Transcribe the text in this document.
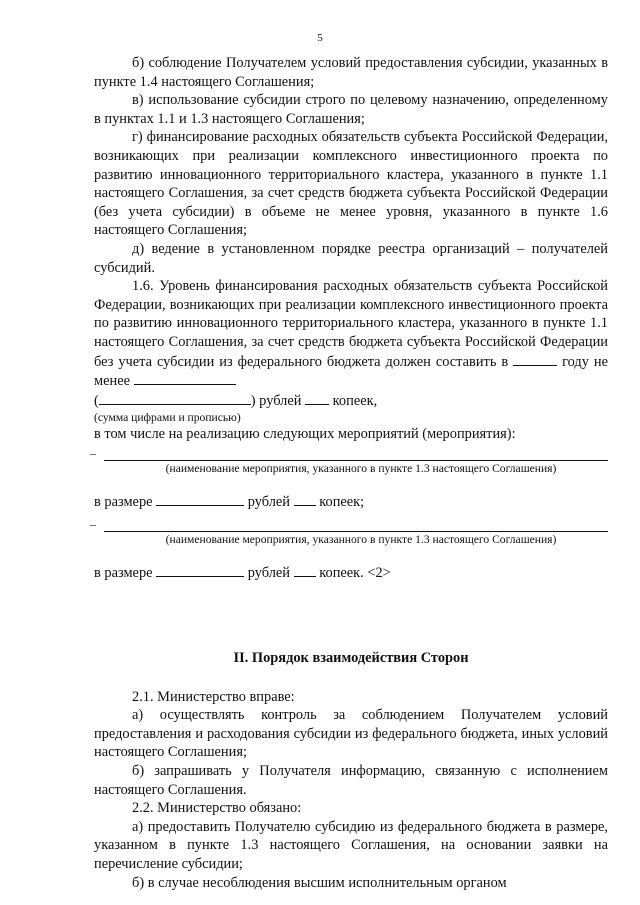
5

б) соблюдение Получателем условий предоставления субсидии, указанных в пункте 1.4 настоящего Соглашения;

в) использование субсидии строго по целевому назначению, определенному в пунктах 1.1 и 1.3 настоящего Соглашения;

г) финансирование расходных обязательств субъекта Российской Федерации, возникающих при реализации комплексного инвестиционного проекта по развитию инновационного территориального кластера, указанного в пункте 1.1 настоящего Соглашения, за счет средств бюджета субъекта Российской Федерации (без учета субсидии) в объеме не менее уровня, указанного в пункте 1.6 настоящего Соглашения;

д) ведение в установленном порядке реестра организаций – получателей субсидий.

1.6. Уровень финансирования расходных обязательств субъекта Российской Федерации, возникающих при реализации комплексного инвестиционного проекта по развитию инновационного территориального кластера, указанного в пункте 1.1 настоящего Соглашения, за счет средств бюджета субъекта Российской Федерации без учета субсидии из федерального бюджета должен составить в	году не менее

(	) рублей копеек,

(сумма цифрами и прописью)

в том числе на реализацию следующих мероприятий (мероприятия):

–
(наименование мероприятия, указанного в пункте 1.3 настоящего Соглашения)

в размере	рублей копеек;

–
(наименование мероприятия, указанного в пункте 1.3 настоящего Соглашения)

в размере	рублей копеек. <2>

II. Порядок взаимодействия Сторон

2.1. Министерство вправе:

а) осуществлять контроль за соблюдением Получателем условий предоставления и расходования субсидии из федерального бюджета, иных условий настоящего Соглашения;

б) запрашивать у Получателя информацию, связанную с исполнением настоящего Соглашения.

2.2. Министерство обязано:

а) предоставить Получателю субсидию из федерального бюджета в размере, указанном в пункте 1.3 настоящего Соглашения, на основании заявки на перечисление субсидии;

б) в случае несоблюдения высшим исполнительным органом
